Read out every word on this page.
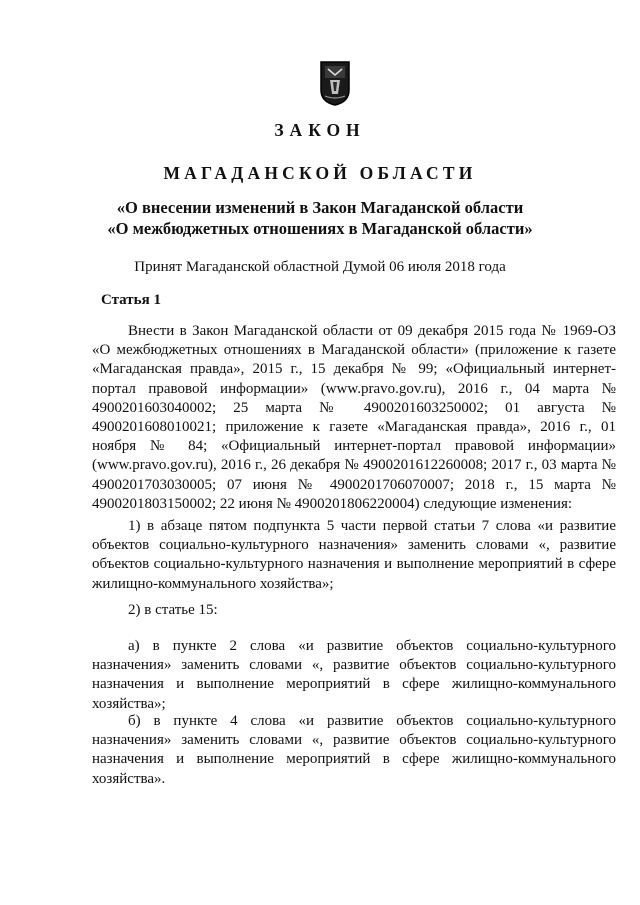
ЗАКОН
МАГАДАНСКОЙ ОБЛАСТИ
«О внесении изменений в Закон Магаданской области
«О межбюджетных отношениях в Магаданской области»
Принят Магаданской областной Думой 06 июля 2018 года
Статья 1

Внести в Закон Магаданской области от 09 декабря 2015 года № 1969-ОЗ «О межбюджетных отношениях в Магаданской области» (приложение к газете «Магаданская правда», 2015 г., 15 декабря № 99; «Официальный интернет-портал правовой информации» (www.pravo.gov.ru), 2016 г., 04 марта № 4900201603040002; 25 марта № 4900201603250002; 01 августа № 4900201608010021; приложение к газете «Магаданская правда», 2016 г., 01 ноября № 84; «Официальный интернет-портал правовой информации» (www.pravo.gov.ru), 2016 г., 26 декабря № 4900201612260008; 2017 г., 03 марта № 4900201703030005; 07 июня № 4900201706070007; 2018 г., 15 марта № 4900201803150002; 22 июня № 4900201806220004) следующие изменения:

1) в абзаце пятом подпункта 5 части первой статьи 7 слова «и развитие объектов социально-культурного назначения» заменить словами «, развитие объектов социально-культурного назначения и выполнение мероприятий в сфере жилищно-коммунального хозяйства»;

2) в статье 15:

а) в пункте 2 слова «и развитие объектов социально-культурного назначения» заменить словами «, развитие объектов социально-культурного назначения и выполнение мероприятий в сфере жилищно-коммунального хозяйства»;

б) в пункте 4 слова «и развитие объектов социально-культурного назначения» заменить словами «, развитие объектов социально-культурного назначения и выполнение мероприятий в сфере жилищно-коммунального хозяйства».
